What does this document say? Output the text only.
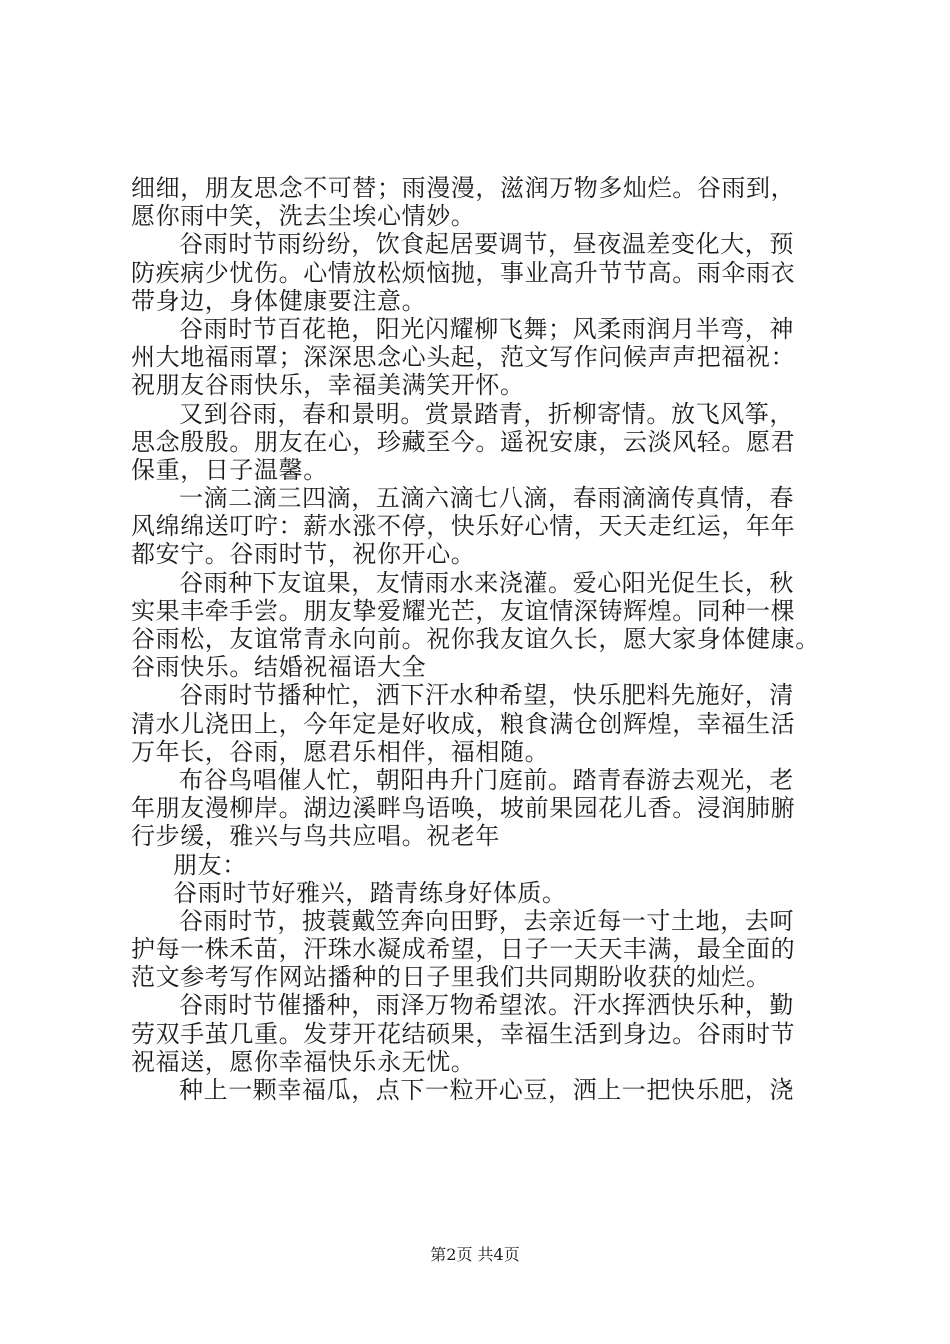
细细，朋友思念不可替；雨漫漫，滋润万物多灿烂。谷雨到，
愿你雨中笑，洗去尘埃心情妙。
谷雨时节雨纷纷，饮食起居要调节，昼夜温差变化大，预
防疾病少忧伤。心情放松烦恼抛，事业高升节节高。雨伞雨衣
带身边，身体健康要注意。
谷雨时节百花艳，阳光闪耀柳飞舞；风柔雨润月半弯，神
州大地福雨罩；深深思念心头起，范文写作问候声声把福祝：
祝朋友谷雨快乐，幸福美满笑开怀。
又到谷雨，春和景明。赏景踏青，折柳寄情。放飞风筝，
思念殷殷。朋友在心，珍藏至今。遥祝安康，云淡风轻。愿君
保重，日子温馨。
一滴二滴三四滴，五滴六滴七八滴，春雨滴滴传真情，春
风绵绵送叮咛：薪水涨不停，快乐好心情，天天走红运，年年
都安宁。谷雨时节，祝你开心。
谷雨种下友谊果，友情雨水来浇灌。爱心阳光促生长，秋
实果丰牵手尝。朋友挚爱耀光芒，友谊情深铸辉煌。同种一棵
谷雨松，友谊常青永向前。祝你我友谊久长，愿大家身体健康。
谷雨快乐。结婚祝福语大全
谷雨时节播种忙，洒下汗水种希望，快乐肥料先施好，清
清水儿浇田上，今年定是好收成，粮食满仓创辉煌，幸福生活
万年长，谷雨，愿君乐相伴，福相随。
布谷鸟唱催人忙，朝阳冉升门庭前。踏青春游去观光，老
年朋友漫柳岸。湖边溪畔鸟语唤，坡前果园花儿香。浸润肺腑
行步缓，雅兴与鸟共应唱。祝老年
朋友：
谷雨时节好雅兴，踏青练身好体质。
谷雨时节，披蓑戴笠奔向田野，去亲近每一寸土地，去呵
护每一株禾苗，汗珠水凝成希望，日子一天天丰满，最全面的
范文参考写作网站播种的日子里我们共同期盼收获的灿烂。
谷雨时节催播种，雨泽万物希望浓。汗水挥洒快乐种，勤
劳双手茧几重。发芽开花结硕果，幸福生活到身边。谷雨时节
祝福送，愿你幸福快乐永无忧。
种上一颗幸福瓜，点下一粒开心豆，洒上一把快乐肥，浇
第2页 共4页
